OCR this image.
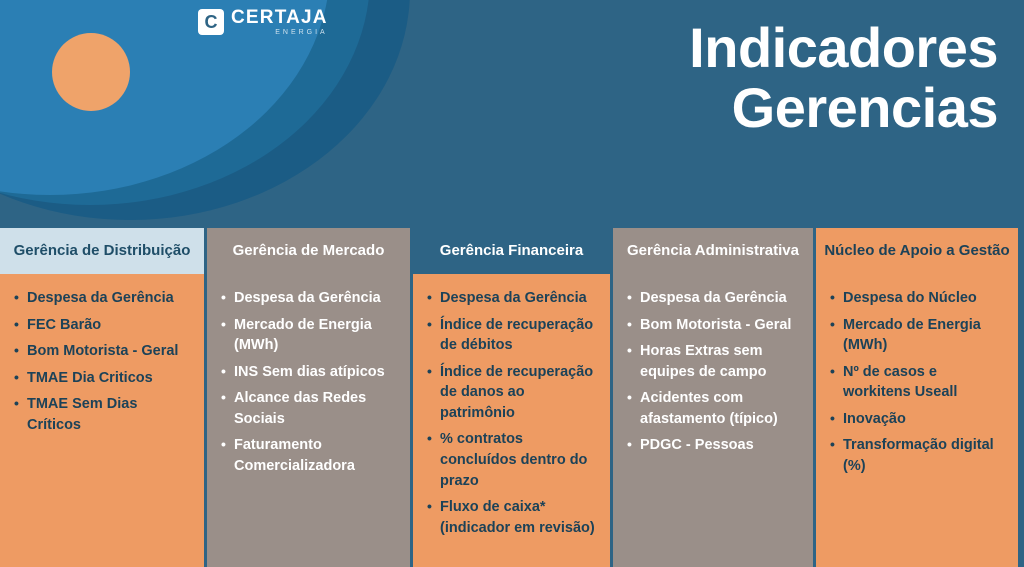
C CERTAJA
ENERGIA	Indicadores
Gerencias
Gerência de Distribuição
• Despesa da Gerência
• FEC Barão
• Bom Motorista - Geral
• TMAE Dia Criticos
• TMAE Sem Dias Críticos
Gerência de Mercado
• Despesa da Gerência
• Mercado de Energia (MWh)
• INS Sem dias atípicos
• Alcance das Redes Sociais
• Faturamento Comercializadora
Gerência Financeira
• Despesa da Gerência
• Índice de recuperação de débitos
• Índice de recuperação de danos ao patrimônio
• % contratos concluídos dentro do prazo
• Fluxo de caixa* (indicador em revisão)
Gerência Administrativa
• Despesa da Gerência
• Bom Motorista - Geral
• Horas Extras sem equipes de campo
• Acidentes com afastamento (típico)
• PDGC - Pessoas
Núcleo de Apoio a Gestão
• Despesa do Núcleo
• Mercado de Energia (MWh)
• Nº de casos e workitens Useall
• Inovação
• Transformação digital (%)
